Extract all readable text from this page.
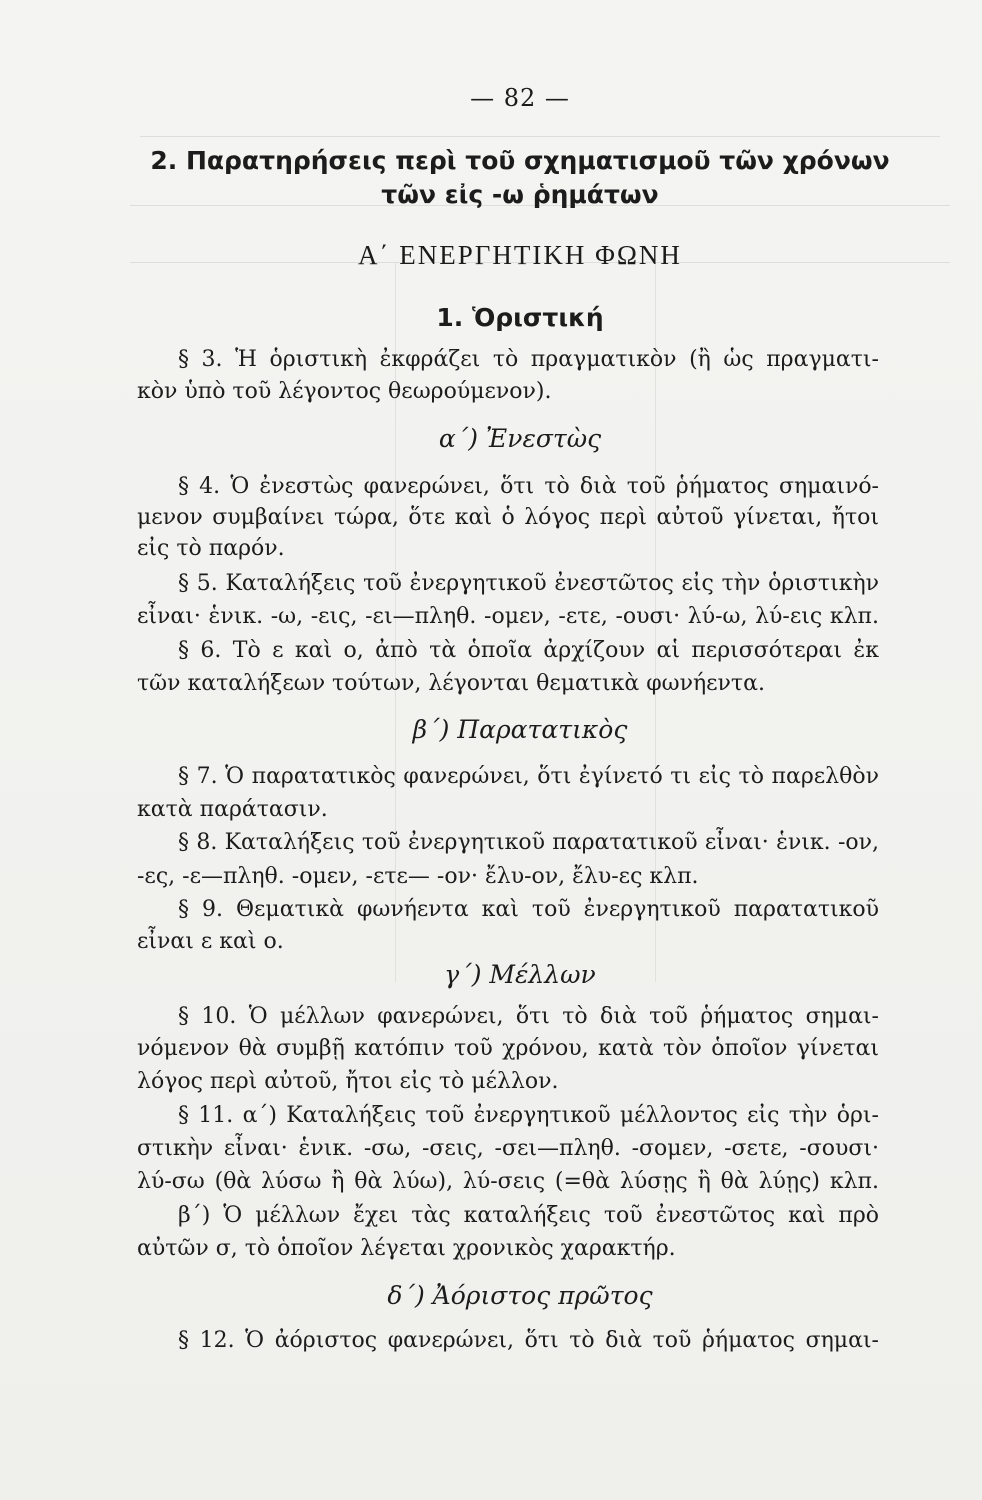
— 82 —
2. Παρατηρήσεις περὶ τοῦ σχηματισμοῦ τῶν χρόνων
τῶν εἰς -ω ῥημάτων
Α΄ ΕΝΕΡΓΗΤΙΚΗ ΦΩΝΗ
1. Ὁριστική
§ 3. Ἡ ὁριστικὴ ἐκφράζει τὸ πραγματικὸν (ἢ ὡς πραγματι-
κὸν ὑπὸ τοῦ λέγοντος θεωρούμενον).
α΄) Ἐνεστὼς
§ 4. Ὁ ἐνεστὼς φανερώνει, ὅτι τὸ διὰ τοῦ ῥήματος σημαινό-
μενον συμβαίνει τώρα, ὅτε καὶ ὁ λόγος περὶ αὐτοῦ γίνεται, ἤτοι
εἰς τὸ παρόν.
§ 5. Καταλήξεις τοῦ ἐνεργητικοῦ ἐνεστῶτος εἰς τὴν ὁριστικὴν
εἶναι· ἑνικ. -ω, -εις, -ει—πληθ. -ομεν, -ετε, -ουσι· λύ-ω, λύ-εις κλπ.
§ 6. Τὸ ε καὶ ο, ἀπὸ τὰ ὁποῖα ἀρχίζουν αἱ περισσότεραι ἐκ
τῶν καταλήξεων τούτων, λέγονται θεματικὰ φωνήεντα.
β΄) Παρατατικὸς
§ 7. Ὁ παρατατικὸς φανερώνει, ὅτι ἐγίνετό τι εἰς τὸ παρελθὸν
κατὰ παράτασιν.
§ 8. Καταλήξεις τοῦ ἐνεργητικοῦ παρατατικοῦ εἶναι· ἑνικ. -ον,
-ες, -ε—πληθ. -ομεν, -ετε— -ον· ἔλυ-ον, ἔλυ-ες κλπ.
§ 9. Θεματικὰ φωνήεντα καὶ τοῦ ἐνεργητικοῦ παρατατικοῦ
εἶναι ε καὶ ο.
γ΄) Μέλλων
§ 10. Ὁ μέλλων φανερώνει, ὅτι τὸ διὰ τοῦ ῥήματος σημαι-
νόμενον θὰ συμβῇ κατόπιν τοῦ χρόνου, κατὰ τὸν ὁποῖον γίνεται
λόγος περὶ αὐτοῦ, ἤτοι εἰς τὸ μέλλον.
§ 11. α΄) Καταλήξεις τοῦ ἐνεργητικοῦ μέλλοντος εἰς τὴν ὁρι-
στικὴν εἶναι· ἑνικ. -σω, -σεις, -σει—πληθ. -σομεν, -σετε, -σουσι·
λύ-σω (θὰ λύσω ἢ θὰ λύω), λύ-σεις (=θὰ λύσῃς ἢ θὰ λύῃς) κλπ.
β΄) Ὁ μέλλων ἔχει τὰς καταλήξεις τοῦ ἐνεστῶτος καὶ πρὸ
αὐτῶν σ, τὸ ὁποῖον λέγεται χρονικὸς χαρακτήρ.
δ΄) Ἀόριστος πρῶτος
§ 12. Ὁ ἀόριστος φανερώνει, ὅτι τὸ διὰ τοῦ ῥήματος σημαι-
